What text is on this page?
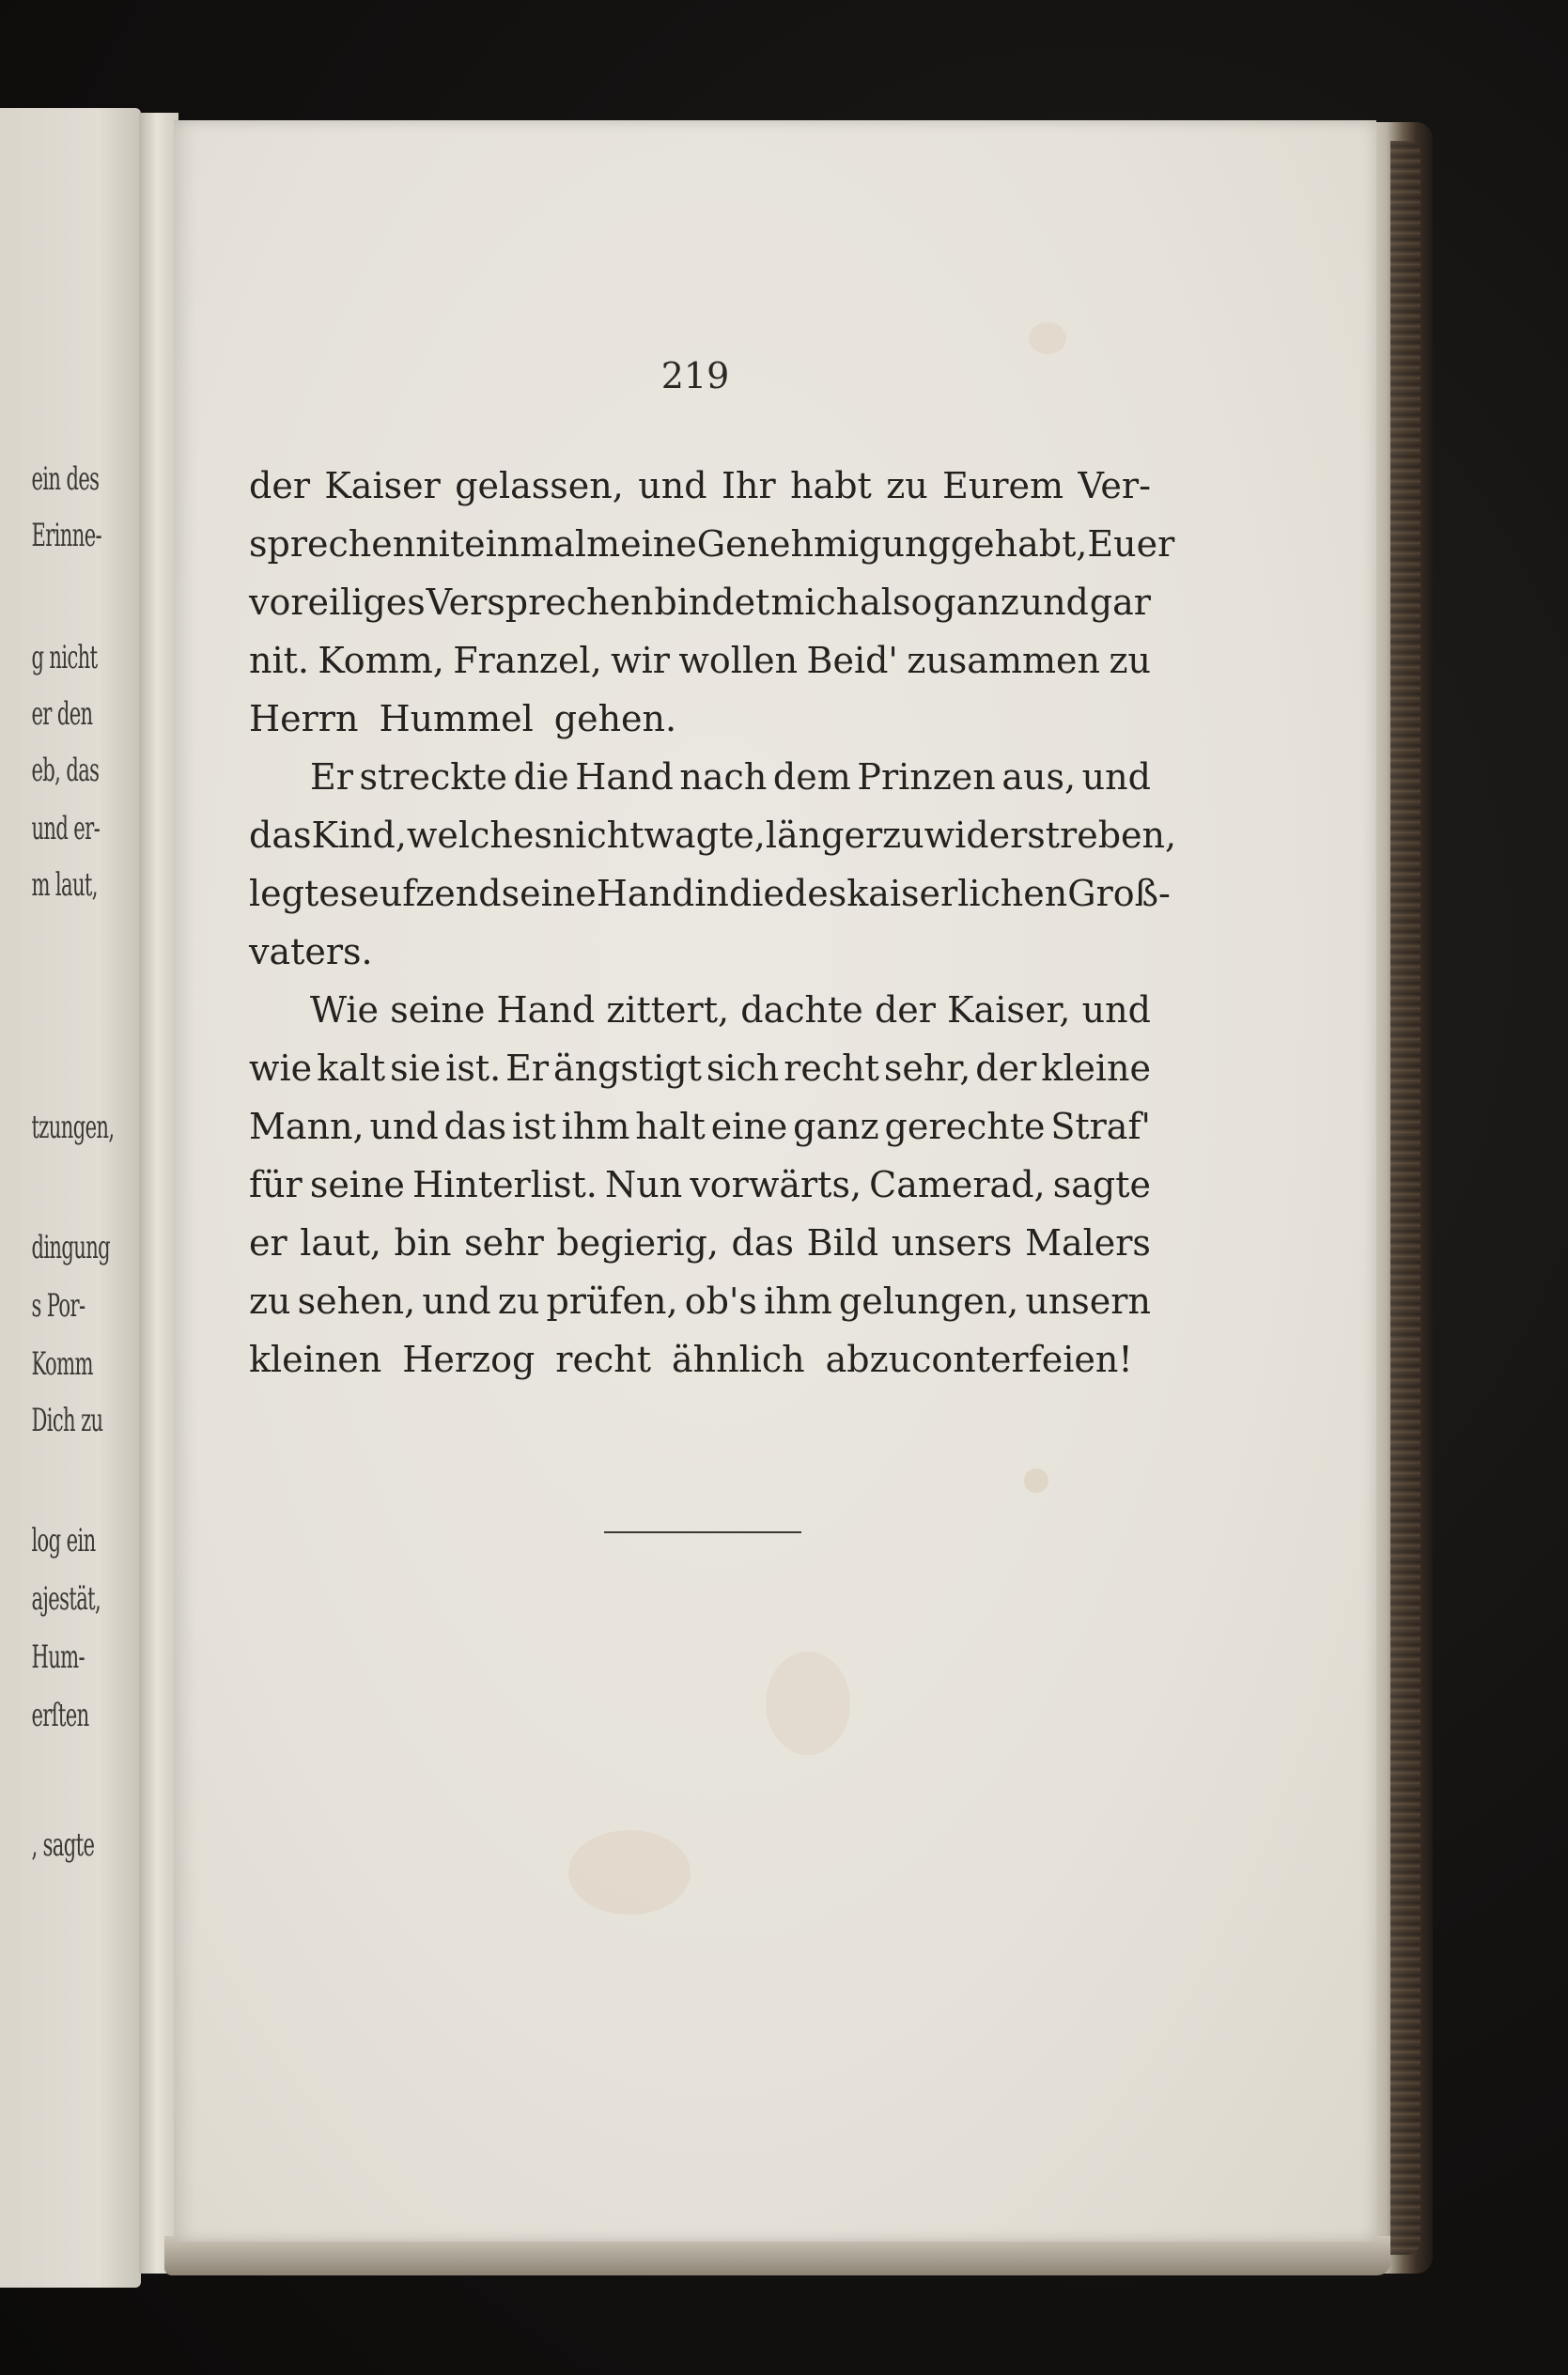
219
der Kaiser gelassen, und Ihr habt zu Eurem Ver-
sprechen nit einmal meine Genehmigung gehabt, Euer
voreiliges Versprechen bindet mich also ganz und gar
nit. Komm, Franzel, wir wollen Beid' zusammen zu
Herrn Hummel gehen.
Er streckte die Hand nach dem Prinzen aus, und
das Kind, welches nicht wagte, länger zu widerstreben,
legte seufzend seine Hand in die des kaiserlichen Groß-
vaters.
Wie seine Hand zittert, dachte der Kaiser, und
wie kalt sie ist. Er ängstigt sich recht sehr, der kleine
Mann, und das ist ihm halt eine ganz gerechte Straf'
für seine Hinterlist. Nun vorwärts, Camerad, sagte
er laut, bin sehr begierig, das Bild unsers Malers
zu sehen, und zu prüfen, ob's ihm gelungen, unsern
kleinen Herzog recht ähnlich abzuconterfeien!
ein des
Erinne-
g nicht
er den
eb, das
und er-
m laut,
tzungen,
dingung
s Por-
Komm
Dich zu
log ein
ajestät,
Hum-
erſten
, sagte
